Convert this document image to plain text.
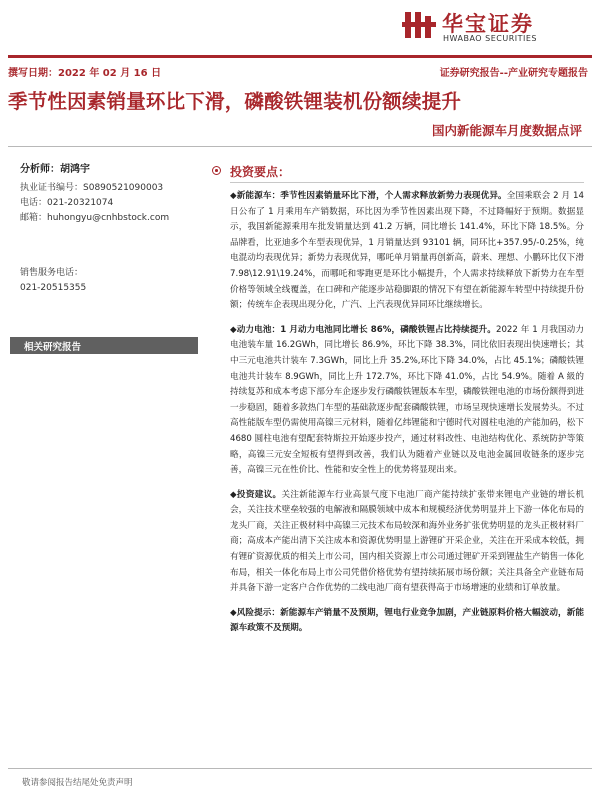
华宝证券
HWABAO SECURITIES
撰写日期：2022 年 02 月 16 日	证券研究报告--产业研究专题报告
季节性因素销量环比下滑，磷酸铁锂装机份额续提升
国内新能源车月度数据点评
分析师：胡鸿宇
执业证书编号：S0890521090003
电话：021-20321074
邮箱：huhongyu@cnhbstock.com
销售服务电话：
021-20515355
相关研究报告
投资要点：

◆新能源车：季节性因素销量环比下滑，个人需求释放新势力表现优异。全国乘联会 2 月 14 日公布了 1 月乘用车产销数据，环比因为季节性因素出现下降，不过降幅好于预期。数据显示，我国新能源乘用车批发销量达到 41.2 万辆，同比增长 141.4%，环比下降 18.5%。分品牌看，比亚迪多个车型表现优异，1 月销量达到 93101 辆，同环比+357.95/-0.25%，纯电混动均表现优异；新势力表现优异，哪吒单月销量再创新高，蔚来、理想、小鹏环比仅下滑 7.98\12.91\19.24%，而哪吒和零跑更是环比小幅提升，个人需求持续释放下新势力在车型价格等领域全线覆盖，在口碑和产能逐步站稳脚跟的情况下有望在新能源车转型中持续提升份额；传统车企表现出现分化，广汽、上汽表现优异同环比继续增长。

◆动力电池：1 月动力电池同比增长 86%，磷酸铁锂占比持续提升。2022 年 1 月我国动力电池装车量 16.2GWh，同比增长 86.9%，环比下降 38.3%，同比依旧表现出快速增长；其中三元电池共计装车 7.3GWh，同比上升 35.2%,环比下降 34.0%，占比 45.1%；磷酸铁锂电池共计装车 8.9GWh，同比上升 172.7%，环比下降 41.0%，占比 54.9%。随着 A 級的持续复苏和成本考虑下部分车企逐步发行磷酸铁锂版本车型，磷酸铁锂电池的市场份额得到进一步稳固，随着多款热门车型的基础款逐步配套磷酸铁锂，市场呈现快速增长发展势头。不过高性能版车型仍需使用高镍三元材料，随着亿纬锂能和宁德时代对圆柱电池的产能加码，松下 4680 圆柱电池有望配套特斯拉开始逐步投产，通过材料改性、电池结构优化、系统防护等策略，高镍三元安全短板有望得到改善，我们认为随着产业链以及电池金属回收链条的逐步完善，高镍三元在性价比、性能和安全性上的优势将显现出来。

◆投资建议。关注新能源车行业高景气度下电池厂商产能持续扩张带来锂电产业链的增长机会，关注技术壁垒较强的电解液和隔膜领域中成本和规模经济优势明显并上下游一体化布局的龙头厂商，关注正极材料中高镍三元技术布局较深和海外业务扩张优势明显的龙头正极材料厂商；高成本产能出清下关注成本和资源优势明显上游锂矿开采企业，关注在开采成本较低，拥有锂矿资源优质的相关上市公司，国内相关资源上市公司通过锂矿开采到锂盐生产销售一体化布局，相关一体化布局上市公司凭借价格优势有望持续拓展市场份额；关注具备全产业链布局并具备下游一定客户合作优势的二线电池厂商有望获得高于市场增速的业绩和订单放量。

◆风险提示：新能源车产销量不及预期，锂电行业竞争加剧，产业链原料价格大幅波动，新能源车政策不及预期。

敬请参阅报告结尾处免责声明
